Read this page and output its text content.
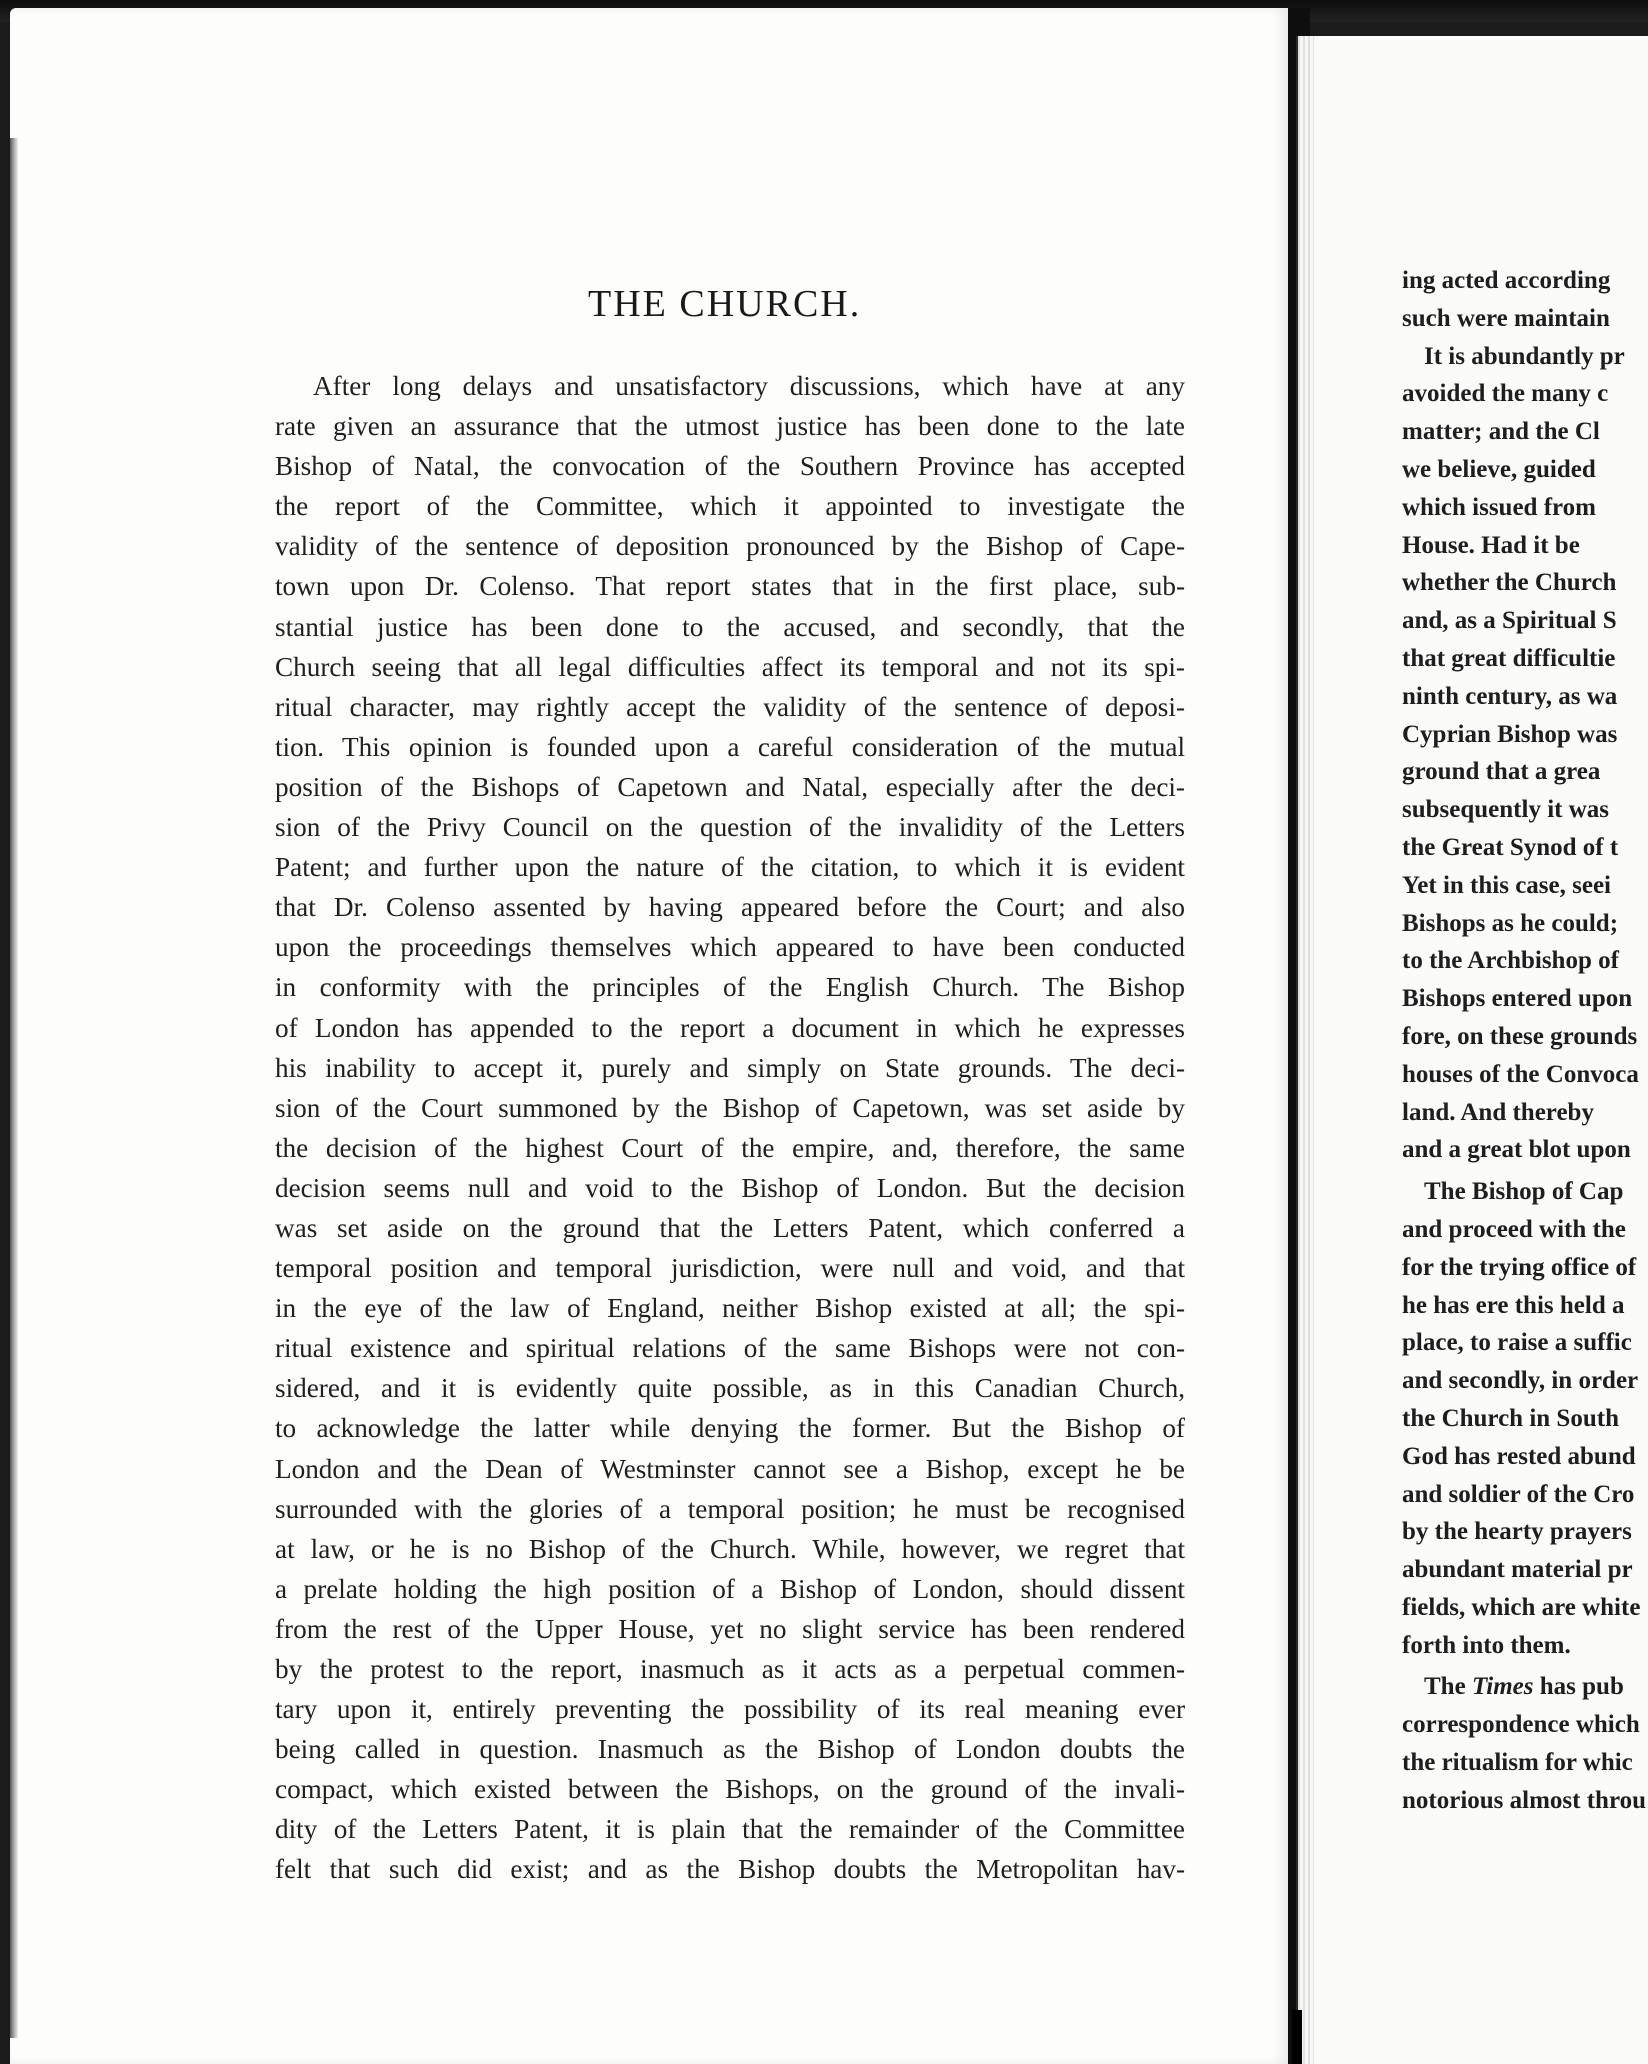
THE CHURCH.
After long delays and unsatisfactory discussions, which have at any
rate given an assurance that the utmost justice has been done to the late
Bishop of Natal, the convocation of the Southern Province has accepted
the report of the Committee, which it appointed to investigate the
validity of the sentence of deposition pronounced by the Bishop of Cape-
town upon Dr. Colenso. That report states that in the first place, sub-
stantial justice has been done to the accused, and secondly, that the
Church seeing that all legal difficulties affect its temporal and not its spi-
ritual character, may rightly accept the validity of the sentence of deposi-
tion. This opinion is founded upon a careful consideration of the mutual
position of the Bishops of Capetown and Natal, especially after the deci-
sion of the Privy Council on the question of the invalidity of the Letters
Patent; and further upon the nature of the citation, to which it is evident
that Dr. Colenso assented by having appeared before the Court; and also
upon the proceedings themselves which appeared to have been conducted
in conformity with the principles of the English Church. The Bishop
of London has appended to the report a document in which he expresses
his inability to accept it, purely and simply on State grounds. The deci-
sion of the Court summoned by the Bishop of Capetown, was set aside by
the decision of the highest Court of the empire, and, therefore, the same
decision seems null and void to the Bishop of London. But the decision
was set aside on the ground that the Letters Patent, which conferred a
temporal position and temporal jurisdiction, were null and void, and that
in the eye of the law of England, neither Bishop existed at all; the spi-
ritual existence and spiritual relations of the same Bishops were not con-
sidered, and it is evidently quite possible, as in this Canadian Church,
to acknowledge the latter while denying the former. But the Bishop of
London and the Dean of Westminster cannot see a Bishop, except he be
surrounded with the glories of a temporal position; he must be recognised
at law, or he is no Bishop of the Church. While, however, we regret that
a prelate holding the high position of a Bishop of London, should dissent
from the rest of the Upper House, yet no slight service has been rendered
by the protest to the report, inasmuch as it acts as a perpetual commen-
tary upon it, entirely preventing the possibility of its real meaning ever
being called in question. Inasmuch as the Bishop of London doubts the
compact, which existed between the Bishops, on the ground of the invali-
dity of the Letters Patent, it is plain that the remainder of the Committee
felt that such did exist; and as the Bishop doubts the Metropolitan hav-
ing acted according
such were maintain
It is abundantly pr
avoided the many c
matter; and the Cl
we believe, guided
which issued from
House. Had it be
whether the Church
and, as a Spiritual S
that great difficultie
ninth century, as wa
Cyprian Bishop was
ground that a grea
subsequently it was
the Great Synod of t
Yet in this case, seei
Bishops as he could;
to the Archbishop of
Bishops entered upon
fore, on these grounds
houses of the Convoca
land. And thereby
and a great blot upon
The Bishop of Cap
and proceed with the
for the trying office of
he has ere this held a
place, to raise a suffic
and secondly, in order
the Church in South
God has rested abund
and soldier of the Cro
by the hearty prayers
abundant material pr
fields, which are white
forth into them.
The Times has pub
correspondence which
the ritualism for whic
notorious almost throu
